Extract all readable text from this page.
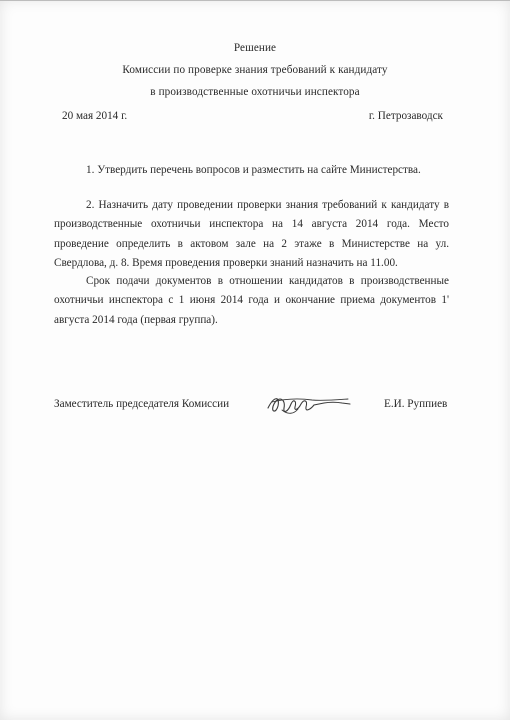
Решение
Комиссии по проверке знания требований к кандидату
в производственные охотничьи инспектора
20 мая 2014 г.	г. Петрозаводск

1. Утвердить перечень вопросов и разместить на сайте Министерства.

2. Назначить дату проведении проверки знания требований к кандидату в производственные охотничьи инспектора на 14 августа 2014 года. Место проведение определить в актовом зале на 2 этаже в Министерстве на ул. Свердлова, д. 8. Время проведения проверки знаний назначить на 11.00.

Срок подачи документов в отношении кандидатов в производственные охотничьи инспектора с 1 июня 2014 года и окончание приема документов 1' августа 2014 года (первая группа).

Заместитель председателя Комиссии	Е.И. Руппиев
